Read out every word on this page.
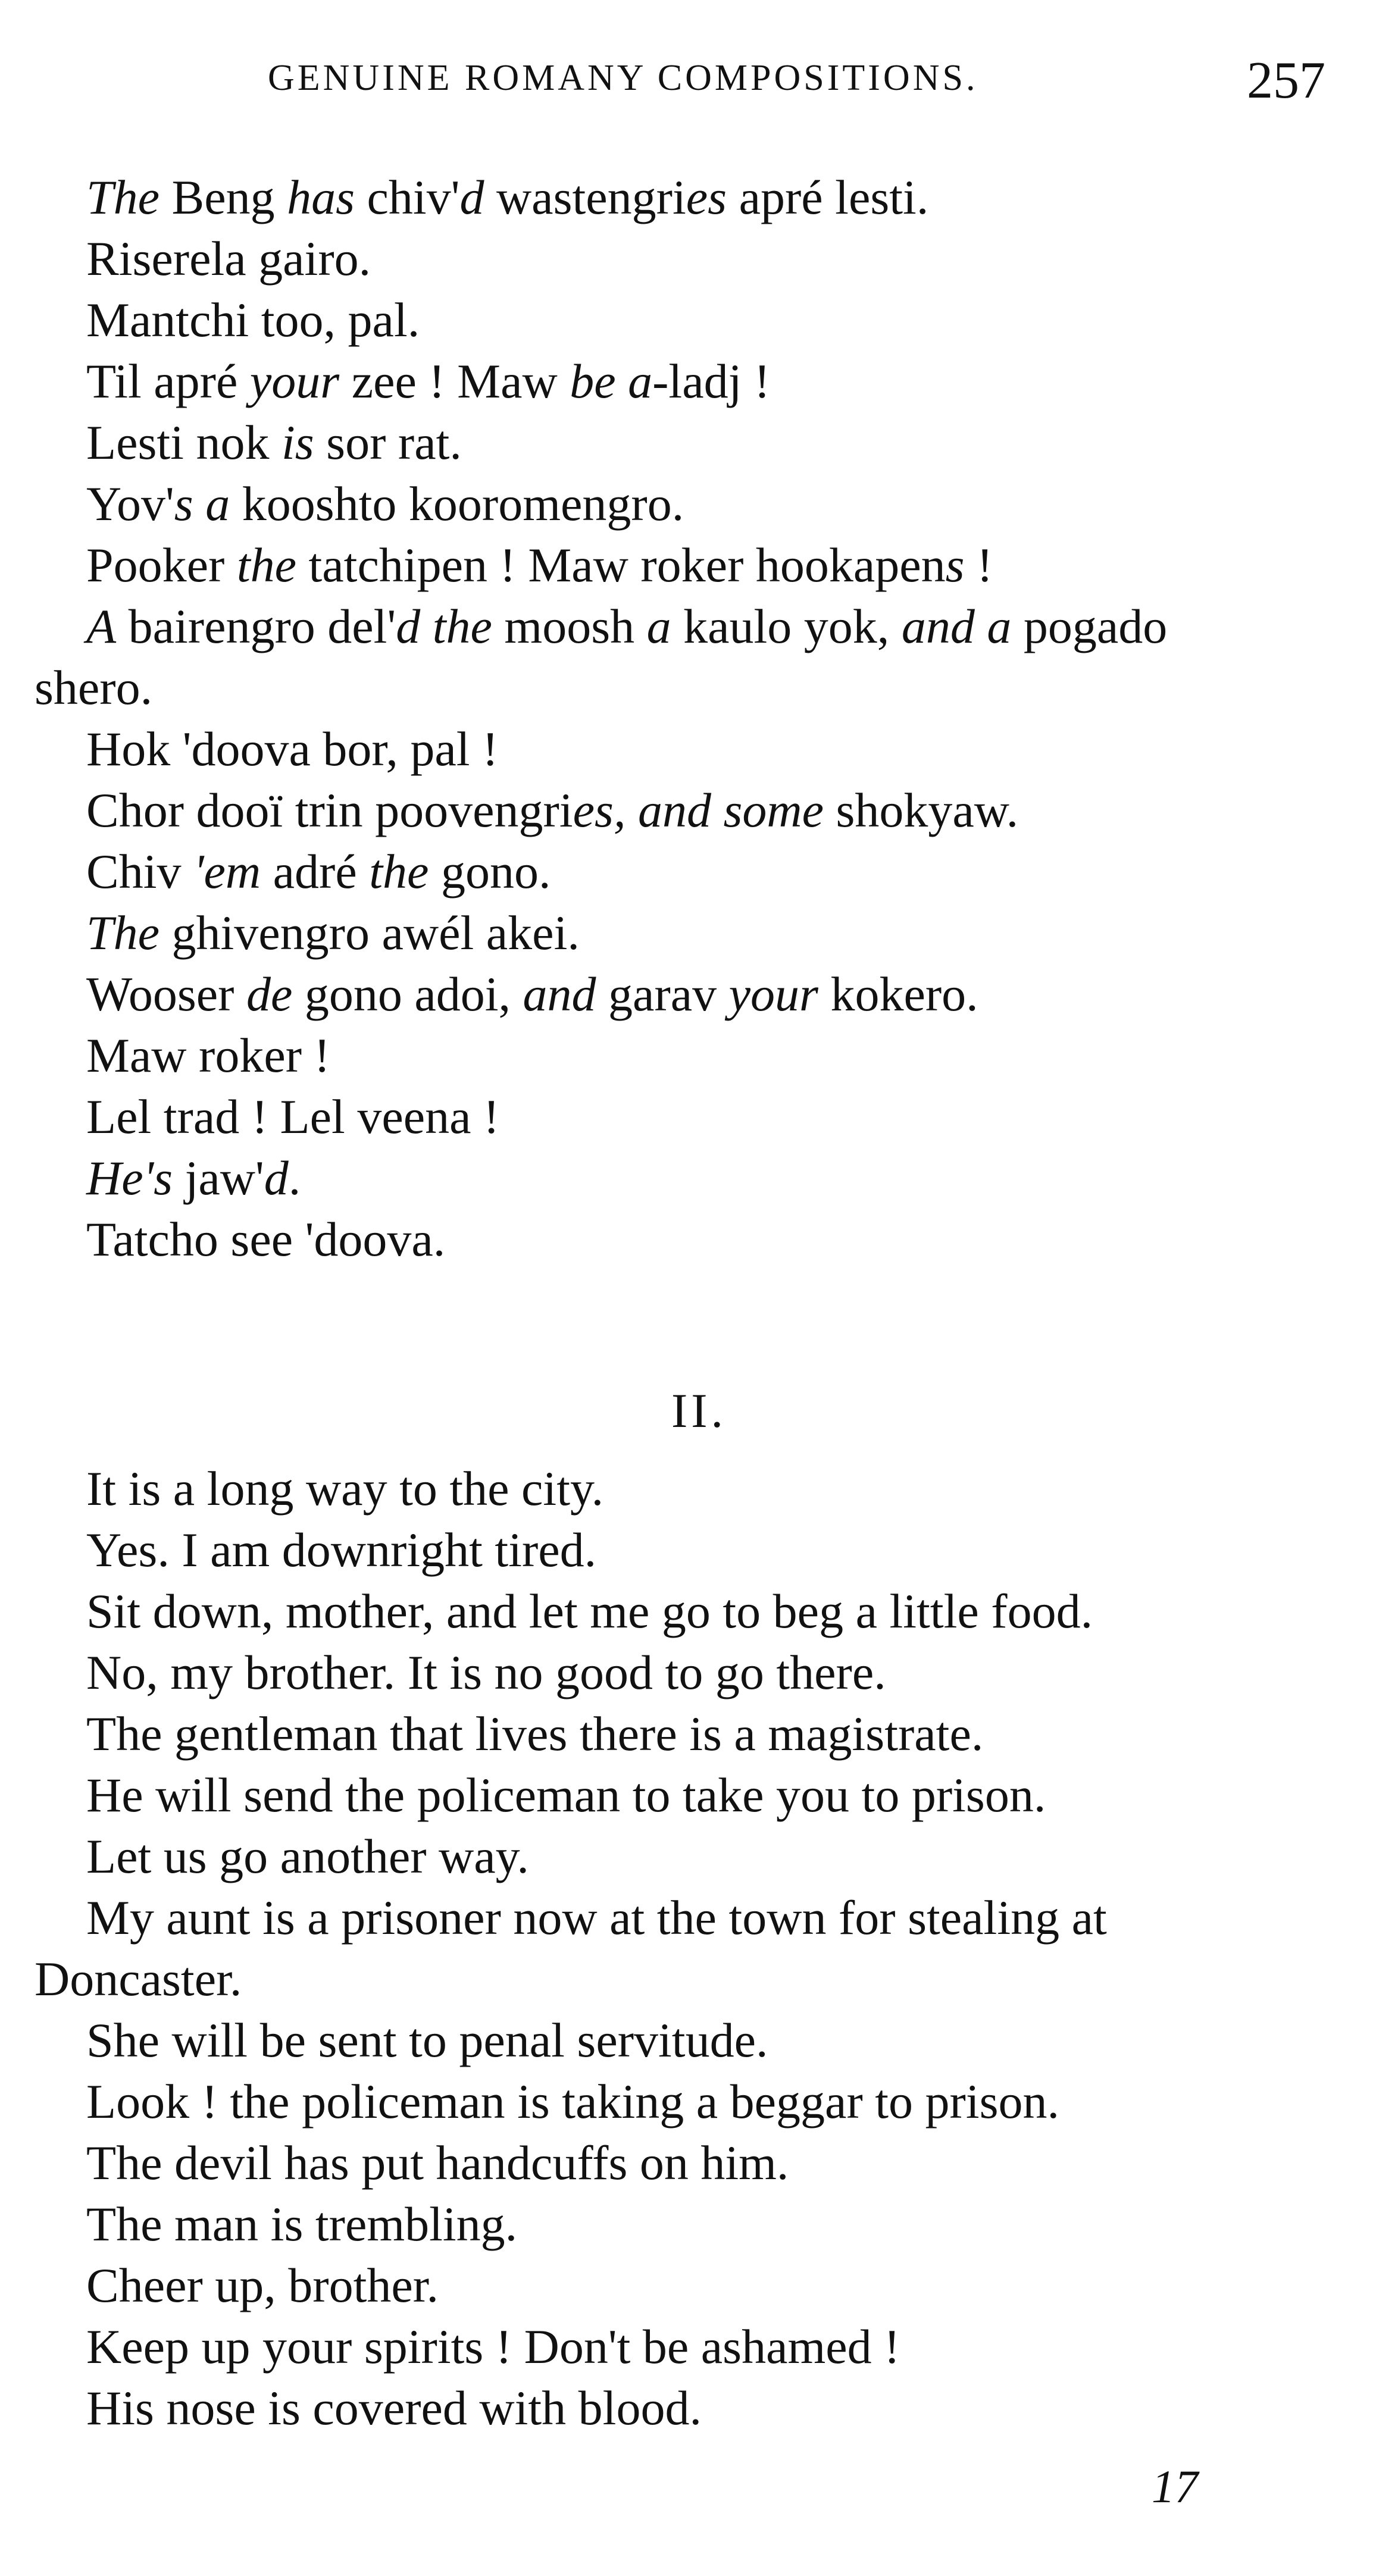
GENUINE ROMANY COMPOSITIONS.	257
The Beng has chiv'd wastengries apré lesti.
Riserela gairo.
Mantchi too, pal.
Til apré your zee ! Maw be a-ladj !
Lesti nok is sor rat.
Yov's a kooshto kooromengro.
Pooker the tatchipen ! Maw roker hookapens !
A bairengro del'd the moosh a kaulo yok, and a pogado
shero.
Hok 'doova bor, pal !
Chor dooï trin poovengries, and some shokyaw.
Chiv 'em adré the gono.
The ghivengro awél akei.
Wooser de gono adoi, and garav your kokero.
Maw roker !
Lel trad ! Lel veena !
He's jaw'd.
Tatcho see 'doova.
II.
It is a long way to the city.
Yes. I am downright tired.
Sit down, mother, and let me go to beg a little food.
No, my brother. It is no good to go there.
The gentleman that lives there is a magistrate.
He will send the policeman to take you to prison.
Let us go another way.
My aunt is a prisoner now at the town for stealing at
Doncaster.
She will be sent to penal servitude.
Look ! the policeman is taking a beggar to prison.
The devil has put handcuffs on him.
The man is trembling.
Cheer up, brother.
Keep up your spirits ! Don't be ashamed !
His nose is covered with blood.
17
